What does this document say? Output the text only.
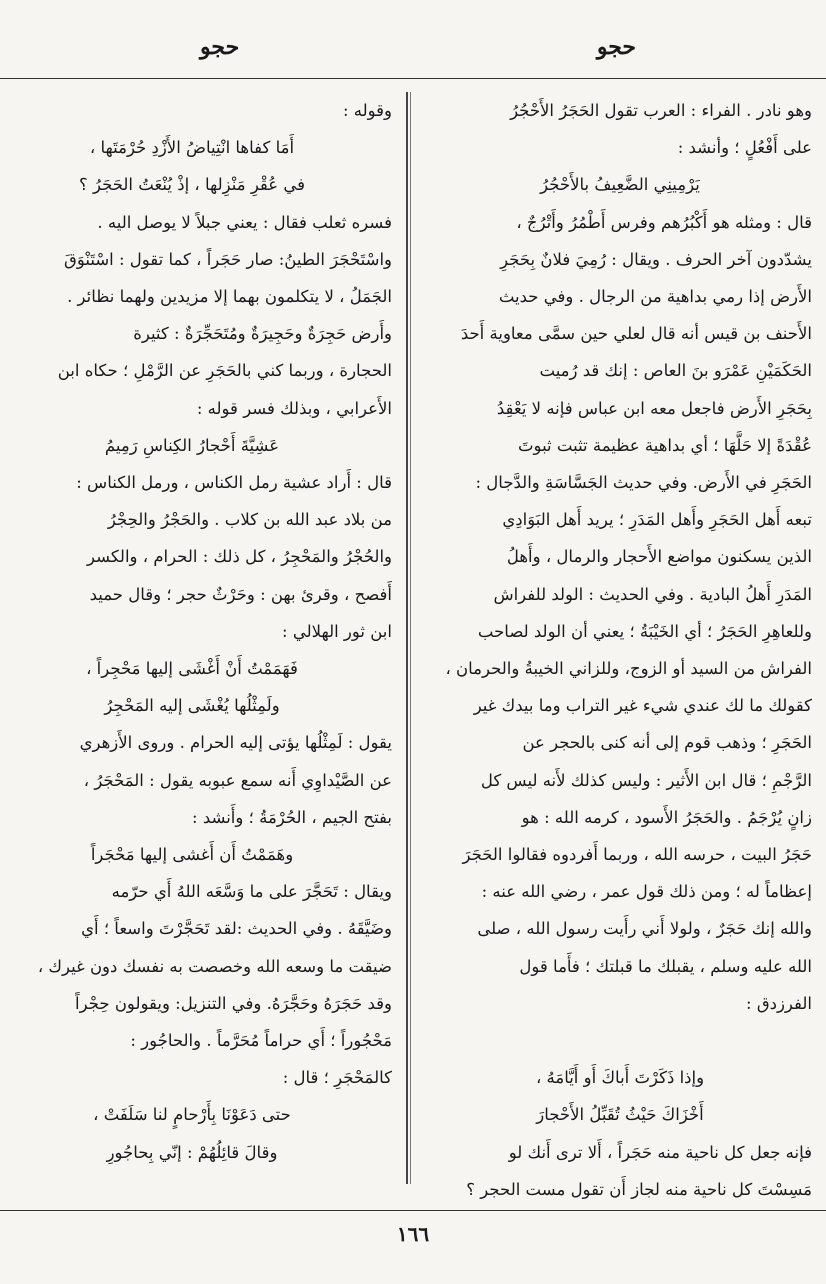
حجو
حجو
وهو نادر . الفراء : العرب تقول الحَجَرُ الأَحْجُرُ
على أَفْعُلٍ ؛ وأنشد :
يَرْمِينِي الضَّعِيفُ بالأَحْجُرُ
قال : ومثله هو أَكْبُرُهم وفرس أَطْمُرُ وأَتْرُجٌ ،
يشدّدون آخر الحرف . ويقال : رُمِيَ فلانٌ بِحَجَرِ
الأَرض إذا رمي بداهية من الرجال . وفي حديث
الأَحنف بن قيس أنه قال لعلي حين سمَّى معاوية أَحدَ
الحَكَمَيْنِ عَمْرَو بنَ العاص : إنك قد رُميت
بِحَجَرِ الأَرض فاجعل معه ابن عباس فإنه لا يَعْقِدُ
عُقْدَةً إلا حَلَّهَا ؛ أي بداهية عظيمة تثبت ثبوتَ
الحَجَرِ في الأَرض. وفي حديث الجَسَّاسَةِ والدَّجال :
تبعه أَهل الحَجَرِ وأَهل المَدَرِ ؛ يريد أَهل البَوَادِي
الذين يسكنون مواضع الأَحجار والرمال ، وأَهلُ
المَدَرِ أَهلُ البادية . وفي الحديث : الولد للفراش
وللعاهِرِ الحَجَرُ ؛ أي الخَيْبَةُ ؛ يعني أن الولد لصاحب
الفراش من السيد أو الزوج، وللزاني الخيبةُ والحرمان ،
كقولك ما لك عندي شيء غير التراب وما بيدك غير
الحَجَرِ ؛ وذهب قوم إلى أنه كنى بالحجر عن
الرَّجْمِ ؛ قال ابن الأَثير : وليس كذلك لأَنه ليس كل
زانٍ يُرْجَمُ . والحَجَرُ الأَسود ، كرمه الله : هو
حَجَرُ البيت ، حرسه الله ، وربما أَفردوه فقالوا الحَجَرَ
إعظاماً له ؛ ومن ذلك قول عمر ، رضي الله عنه :
والله إنك حَجَرٌ ، ولولا أَني رأَيت رسول الله ، صلى
الله عليه وسلم ، يقبلك ما قبلتك ؛ فأَما قول
الفرزدق :

وإذا ذَكَرْتَ أَباكَ أَو أَيَّامَهُ ،
أَخْزَاكَ حَيْثُ تُقَبِّلُ الأَحْجارَ
فإنه جعل كل ناحية منه حَجَراً ، أَلا ترى أَنك لو
مَسِسْتَ كل ناحية منه لجاز أَن تقول مست الحجر ؟
وقوله :
أَمَا كفاها انْتِياضُ الأَزْدِ حُرْمَتَها ،
في عُقْرِ مَنْزِلها ، إذْ يُنْعَتُ الحَجَرُ ؟
فسره ثعلب فقال : يعني جبلاً لا يوصل اليه .
واسْتَحْجَرَ الطينُ: صار حَجَراً ، كما تقول : اسْتَنْوَقَ
الجَمَلُ ، لا يتكلمون بهما إلا مزيدين ولهما نظائر .
وأَرض حَجِرَةٌ وحَجِيرَةٌ ومُتَحَجِّرَةٌ : كثيرة
الحجارة ، وربما كني بالحَجَرِ عن الرَّمْلِ ؛ حكاه ابن
الأَعرابي ، وبذلك فسر قوله :
عَشِيَّةَ أَحْجارُ الكِناسِ رَمِيمُ
قال : أَراد عشية رمل الكناس ، ورمل الكناس :
من بلاد عبد الله بن كلاب . والحَجْرُ والحِجْرُ
والحُجْرُ والمَحْجِرُ ، كل ذلك : الحرام ، والكسر
أَفصح ، وقرئ بهن : وحَرْثٌ حجر ؛ وقال حميد
ابن ثور الهلالي :
فَهَمَمْتُ أَنْ أَغْشَى إليها مَحْجِراً ،
ولَمِثْلُها يُغْشَى إليه المَحْجِرُ
يقول : لَمِثْلُها يؤتى إليه الحرام . وروى الأَزهري
عن الصَّيْداوِي أَنه سمع عبوبه يقول : المَحْجَرُ ،
بفتح الجيم ، الحُرْمَةُ ؛ وأَنشد :
وهَمَمْتُ أَن أَغشى إليها مَحْجَراً
ويقال : تَحَجَّرَ على ما وَسَّعَه اللهُ أَي حرّمه
وضَيَّقَهُ . وفي الحديث :لقد تَحَجَّرْتَ واسعاً ؛ أَي
ضيقت ما وسعه الله وخصصت به نفسك دون غيرك ،
وقد حَجَرَهُ وحَجَّرَهُ. وفي التنزيل: ويقولون حِجْراً
مَحْجُوراً ؛ أَي حراماً مُحَرَّماً . والحاجُور :
كالمَحْجَرِ ؛ قال :
حتى دَعَوْنَا بِأَرْحامٍ لنا سَلَفَتْ ،
وقالَ قائِلُهُمْ : إنّي بِحاجُورِ
١٦٦
